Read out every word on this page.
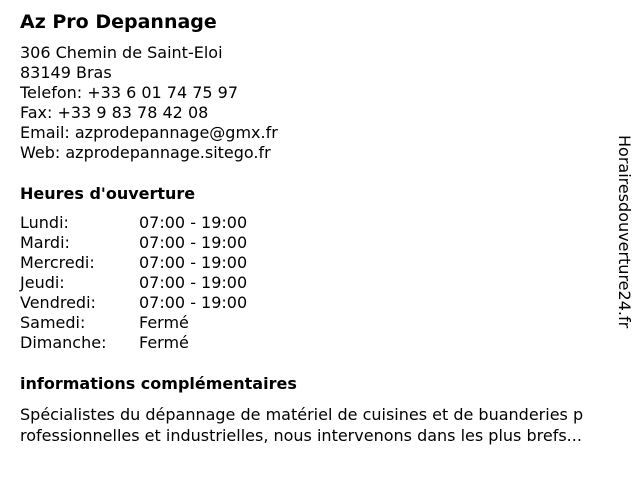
Az Pro Depannage
306 Chemin de Saint-Eloi
83149 Bras
Telefon: +33 6 01 74 75 97
Fax: +33 9 83 78 42 08
Email: azprodepannage@gmx.fr
Web: azprodepannage.sitego.fr
Heures d'ouverture
Lundi:	07:00 - 19:00
Mardi:	07:00 - 19:00
Mercredi:	07:00 - 19:00
Jeudi:	07:00 - 19:00
Vendredi:	07:00 - 19:00
Samedi:	Fermé
Dimanche: Fermé
informations complémentaires
Spécialistes du dépannage de matériel de cuisines et de buanderies p
rofessionnelles et industrielles, nous intervenons dans les plus brefs...
Horairesdouverture24.fr
